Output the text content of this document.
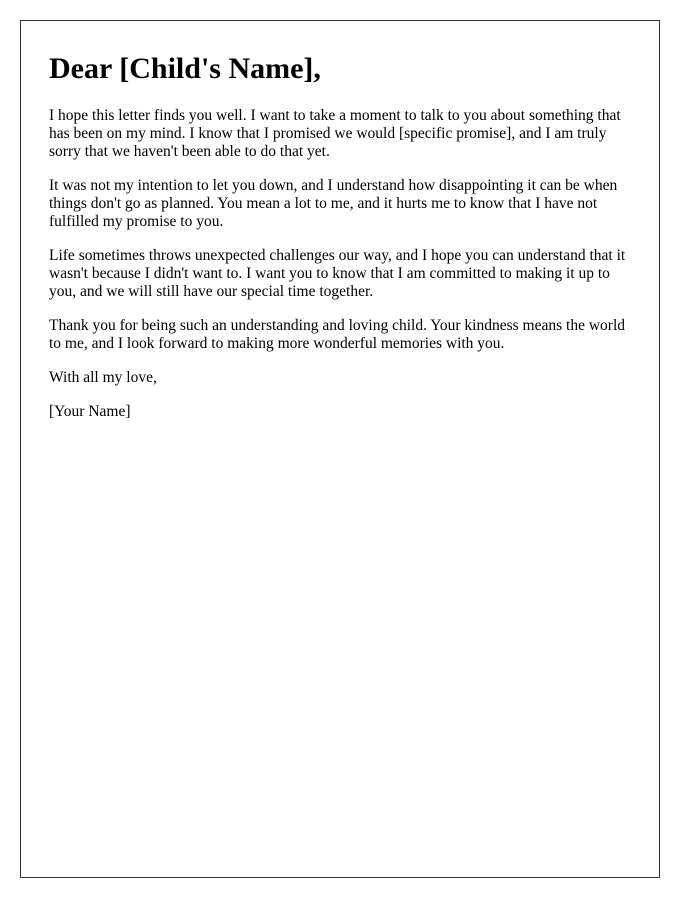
Dear [Child's Name],

I hope this letter finds you well. I want to take a moment to talk to you about something that has been on my mind. I know that I promised we would [specific promise], and I am truly sorry that we haven't been able to do that yet.

It was not my intention to let you down, and I understand how disappointing it can be when things don't go as planned. You mean a lot to me, and it hurts me to know that I have not fulfilled my promise to you.

Life sometimes throws unexpected challenges our way, and I hope you can understand that it wasn't because I didn't want to. I want you to know that I am committed to making it up to you, and we will still have our special time together.

Thank you for being such an understanding and loving child. Your kindness means the world to me, and I look forward to making more wonderful memories with you.

With all my love,

[Your Name]
